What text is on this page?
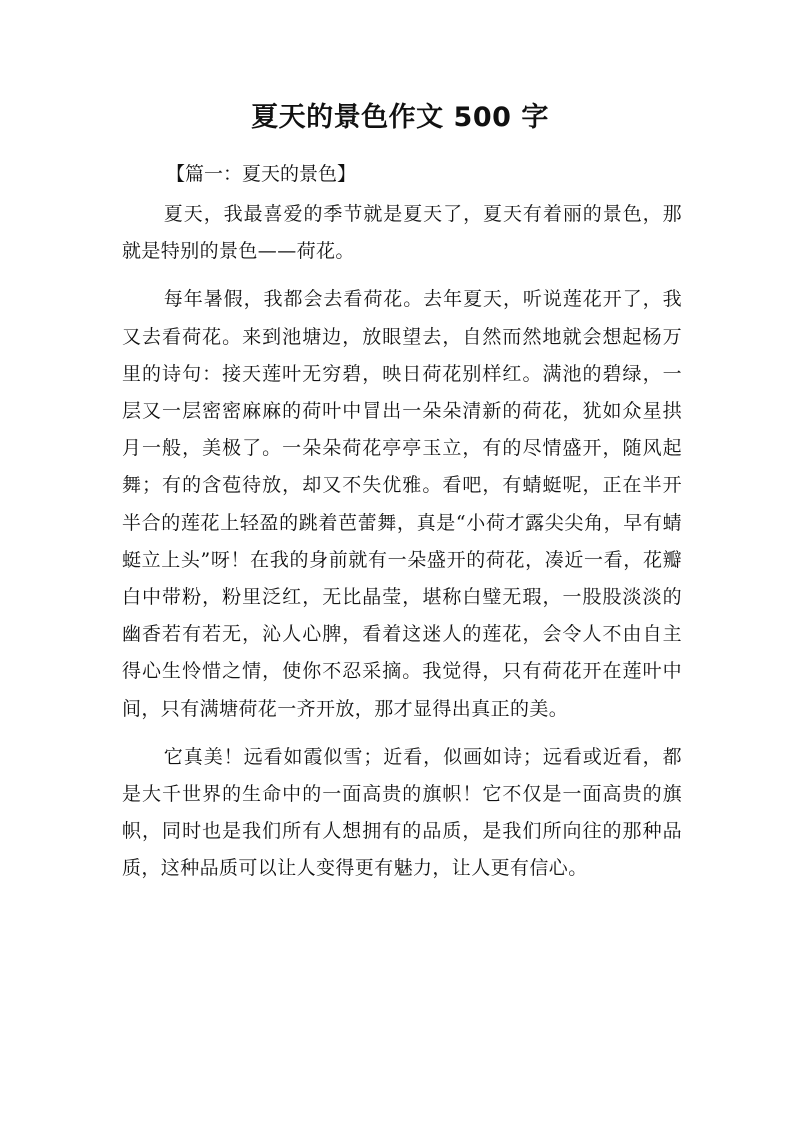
夏天的景色作文 500 字
【篇一：夏天的景色】

夏天，我最喜爱的季节就是夏天了，夏天有着丽的景色，那就是特别的景色——荷花。

每年暑假，我都会去看荷花。去年夏天，听说莲花开了，我又去看荷花。来到池塘边，放眼望去，自然而然地就会想起杨万里的诗句：接天莲叶无穷碧，映日荷花别样红。满池的碧绿，一层又一层密密麻麻的荷叶中冒出一朵朵清新的荷花，犹如众星拱月一般，美极了。一朵朵荷花亭亭玉立，有的尽情盛开，随风起舞；有的含苞待放，却又不失优雅。看吧，有蜻蜓呢，正在半开半合的莲花上轻盈的跳着芭蕾舞，真是“小荷才露尖尖角，早有蜻蜓立上头”呀！在我的身前就有一朵盛开的荷花，凑近一看，花瓣白中带粉，粉里泛红，无比晶莹，堪称白璧无瑕，一股股淡淡的幽香若有若无，沁人心脾，看着这迷人的莲花，会令人不由自主得心生怜惜之情，使你不忍采摘。我觉得，只有荷花开在莲叶中间，只有满塘荷花一齐开放，那才显得出真正的美。

它真美！远看如霞似雪；近看，似画如诗；远看或近看，都是大千世界的生命中的一面高贵的旗帜！它不仅是一面高贵的旗帜，同时也是我们所有人想拥有的品质，是我们所向往的那种品质，这种品质可以让人变得更有魅力，让人更有信心。
